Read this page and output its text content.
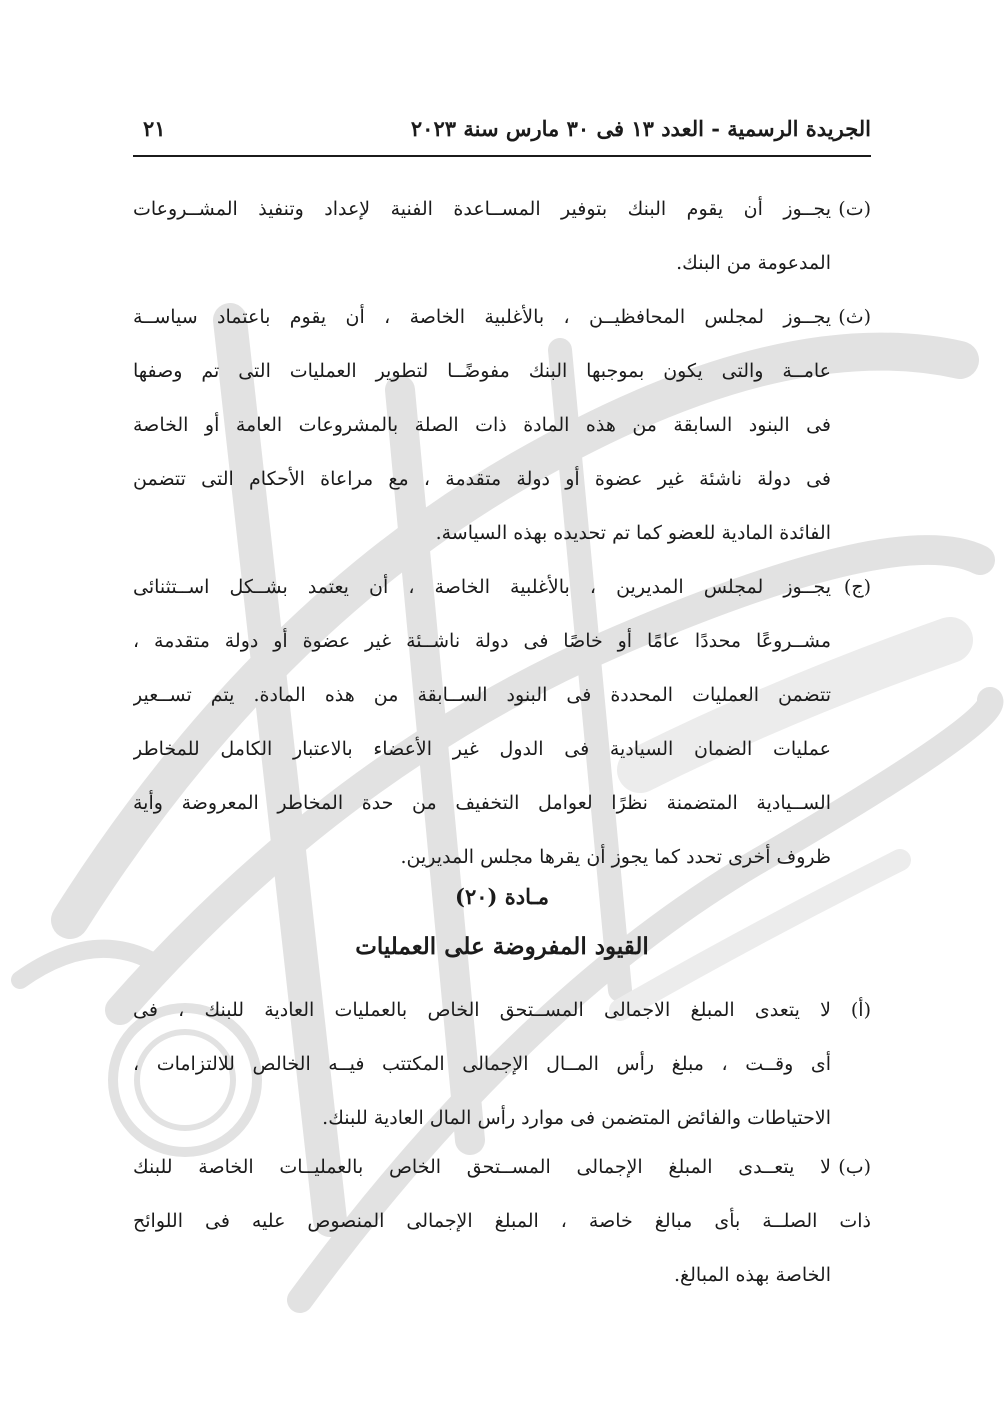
الجريدة الرسمية - العدد ١٣ فى ٣٠ مارس سنة ٢٠٢٣
٢١
(ت)
يجــوز أن يقوم البنك بتوفير المســاعدة الفنية لإعداد وتنفيذ المشــروعات
المدعومة من البنك.
(ث)
يجــوز لمجلس المحافظيــن ، بالأغلبية الخاصة ، أن يقوم باعتماد سياســة
عامــة والتى يكون بموجبها البنك مفوضًــا لتطوير العمليات التى تم وصفها
فى البنود السابقة من هذه المادة ذات الصلة بالمشروعات العامة أو الخاصة
فى دولة ناشئة غير عضوة أو دولة متقدمة ، مع مراعاة الأحكام التى تتضمن
الفائدة المادية للعضو كما تم تحديده بهذه السياسة.
(ج)
يجــوز لمجلس المديرين ، بالأغلبية الخاصة ، أن يعتمد بشــكل اســتثنائى
مشــروعًا محددًا عامًا أو خاصًا فى دولة ناشــئة غير عضوة أو دولة متقدمة ،
تتضمن العمليات المحددة فى البنود الســابقة من هذه المادة. يتم تســعير
عمليات الضمان السيادية فى الدول غير الأعضاء بالاعتبار الكامل للمخاطر
الســيادية المتضمنة نظرًا لعوامل التخفيف من حدة المخاطر المعروضة وأية
ظروف أخرى تحدد كما يجوز أن يقرها مجلس المديرين.
مـادة (٢٠)
القيود المفروضة على العمليات
(أ)
لا يتعدى المبلغ الاجمالى المســتحق الخاص بالعمليات العادية للبنك ، فى
أى وقــت ، مبلغ رأس المــال الإجمالى المكتتب فيــه الخالص للالتزامات ،
الاحتياطات والفائض المتضمن فى موارد رأس المال العادية للبنك.
(ب)
لا يتعــدى المبلغ الإجمالى المســتحق الخاص بالعمليــات الخاصة للبنك
ذات الصلــة بأى مبالغ خاصة ، المبلغ الإجمالى المنصوص عليه فى اللوائح
الخاصة بهذه المبالغ.
